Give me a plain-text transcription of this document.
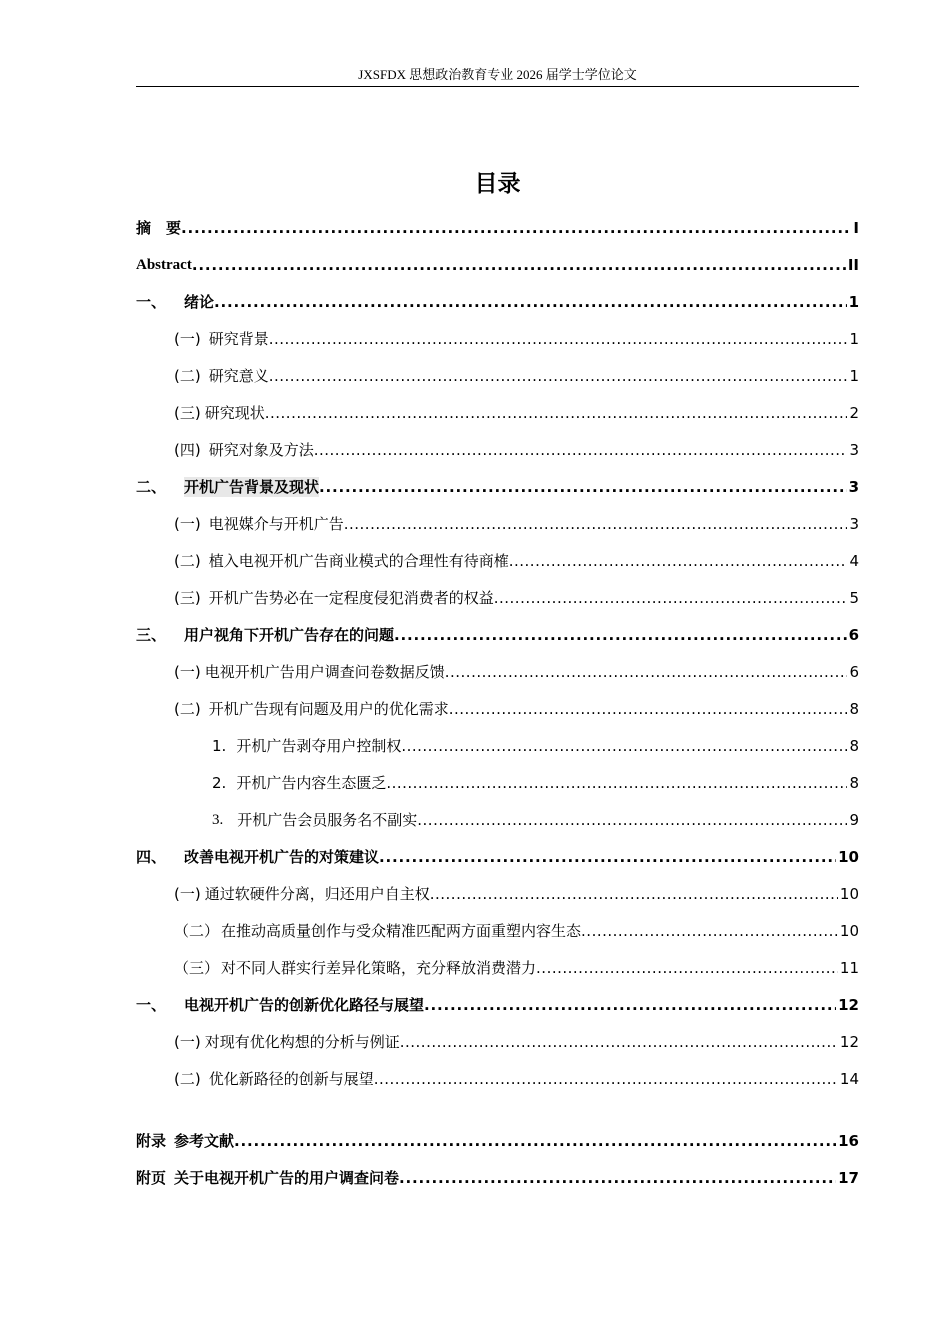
JXSFDX 思想政治教育专业 2026 届学士学位论文
目录
摘　要 .....	I
Abstract .....	II
一、 绪论 .....	1
(一) 研究背景 .....	1
(二) 研究意义 .....	1
(三) 研究现状 .....	2
(四) 研究对象及方法 .....	3
二、 开机广告背景及现状 .....	3
(一) 电视媒介与开机广告 .....	3
(二) 植入电视开机广告商业模式的合理性有待商榷 .....	4
(三) 开机广告势必在一定程度侵犯消费者的权益 .....	5
三、 用户视角下开机广告存在的问题 .....	6
(一) 电视开机广告用户调查问卷数据反馈 .....	6
(二) 开机广告现有问题及用户的优化需求 .....	8
1. 开机广告剥夺用户控制权 .....	8
2. 开机广告内容生态匮乏 .....	8
3. 开机广告会员服务名不副实 .....	9
四、 改善电视开机广告的对策建议 .....	10
(一) 通过软硬件分离，归还用户自主权 .....	10
（二） 在推动高质量创作与受众精准匹配两方面重塑内容生态 .....	10
（三） 对不同人群实行差异化策略，充分释放消费潜力 .....	11
一、 电视开机广告的创新优化路径与展望 .....	12
(一) 对现有优化构想的分析与例证 .....	12
(二) 优化新路径的创新与展望 .....	14
附录 参考文献 .....	16
附页 关于电视开机广告的用户调查问卷 .....	17
